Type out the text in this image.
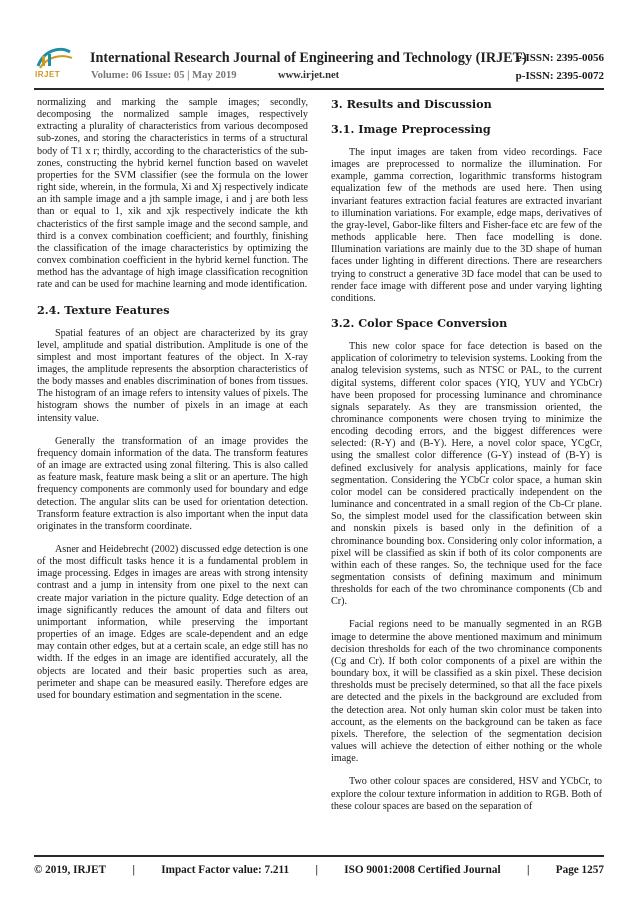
IRJET
International Research Journal of Engineering and Technology (IRJET)
e-ISSN: 2395-0056
Volume: 06 Issue: 05 | May 2019	www.irjet.net	p-ISSN: 2395-0072

normalizing and marking the sample images; secondly, decomposing the normalized sample images, respectively extracting a plurality of characteristics from various decomposed sub-zones, and storing the characteristics in terms of a structural body of T1 x r; thirdly, according to the characteristics of the sub-zones, constructing the hybrid kernel function based on wavelet properties for the SVM classifier (see the formula on the lower right side, wherein, in the formula, Xi and Xj respectively indicate an ith sample image and a jth sample image, i and j are both less than or equal to 1, xik and xjk respectively indicate the kth chacteristics of the first sample image and the second sample, and third is a convex combination coefficient; and fourthly, finishing the classification of the image characteristics by optimizing the convex combination coefficient in the hybrid kernel function. The method has the advantage of high image classification recognition rate and can be used for machine learning and mode identification.

2.4. Texture Features

Spatial features of an object are characterized by its gray level, amplitude and spatial distribution. Amplitude is one of the simplest and most important features of the object. In X-ray images, the amplitude represents the absorption characteristics of the body masses and enables discrimination of bones from tissues. The histogram of an image refers to intensity values of pixels. The histogram shows the number of pixels in an image at each intensity value.

Generally the transformation of an image provides the frequency domain information of the data. The transform features of an image are extracted using zonal filtering. This is also called as feature mask, feature mask being a slit or an aperture. The high frequency components are commonly used for boundary and edge detection. The angular slits can be used for orientation detection. Transform feature extraction is also important when the input data originates in the transform coordinate.

Asner and Heidebrecht (2002) discussed edge detection is one of the most difficult tasks hence it is a fundamental problem in image processing. Edges in images are areas with strong intensity contrast and a jump in intensity from one pixel to the next can create major variation in the picture quality. Edge detection of an image significantly reduces the amount of data and filters out unimportant information, while preserving the important properties of an image. Edges are scale-dependent and an edge may contain other edges, but at a certain scale, an edge still has no width. If the edges in an image are identified accurately, all the objects are located and their basic properties such as area, perimeter and shape can be measured easily. Therefore edges are used for boundary estimation and segmentation in the scene.

3. Results and Discussion
3.1. Image Preprocessing

The input images are taken from video recordings. Face images are preprocessed to normalize the illumination. For example, gamma correction, logarithmic transforms histogram equalization few of the methods are used here. Then using invariant features extraction facial features are extracted invariant to illumination variations. For example, edge maps, derivatives of the gray-level, Gabor-like filters and Fisher-face etc are few of the methods applicable here. Then face modelling is done. Illumination variations are mainly due to the 3D shape of human faces under lighting in different directions. There are researchers trying to construct a generative 3D face model that can be used to render face image with different pose and under varying lighting conditions.

3.2. Color Space Conversion

This new color space for face detection is based on the application of colorimetry to television systems. Looking from the analog television systems, such as NTSC or PAL, to the current digital systems, different color spaces (YIQ, YUV and YCbCr) have been proposed for processing luminance and chrominance signals separately. As they are transmission oriented, the chrominance components were chosen trying to minimize the encoding decoding errors, and the biggest differences were selected: (R-Y) and (B-Y). Here, a novel color space, YCgCr, using the smallest color difference (G-Y) instead of (B-Y) is defined exclusively for analysis applications, mainly for face segmentation. Considering the YCbCr color space, a human skin color model can be considered practically independent on the luminance and concentrated in a small region of the Cb-Cr plane. So, the simplest model used for the classification between skin and nonskin pixels is based only in the definition of a chrominance bounding box. Considering only color information, a pixel will be classified as skin if both of its color components are within each of these ranges. So, the technique used for the face segmentation consists of defining maximum and minimum thresholds for each of the two chrominance components (Cb and Cr).

Facial regions need to be manually segmented in an RGB image to determine the above mentioned maximum and minimum decision thresholds for each of the two chrominance components (Cg and Cr). If both color components of a pixel are within the boundary box, it will be classified as a skin pixel. These decision thresholds must be precisely determined, so that all the face pixels are detected and the pixels in the background are excluded from the detection area. Not only human skin color must be taken into account, as the elements on the background can be taken as face pixels. Therefore, the selection of the segmentation decision values will achieve the detection of either nothing or the whole image.

Two other colour spaces are considered, HSV and YCbCr, to explore the colour texture information in addition to RGB. Both of these colour spaces are based on the separation of

© 2019, IRJET | Impact Factor value: 7.211 | ISO 9001:2008 Certified Journal | Page 1257
